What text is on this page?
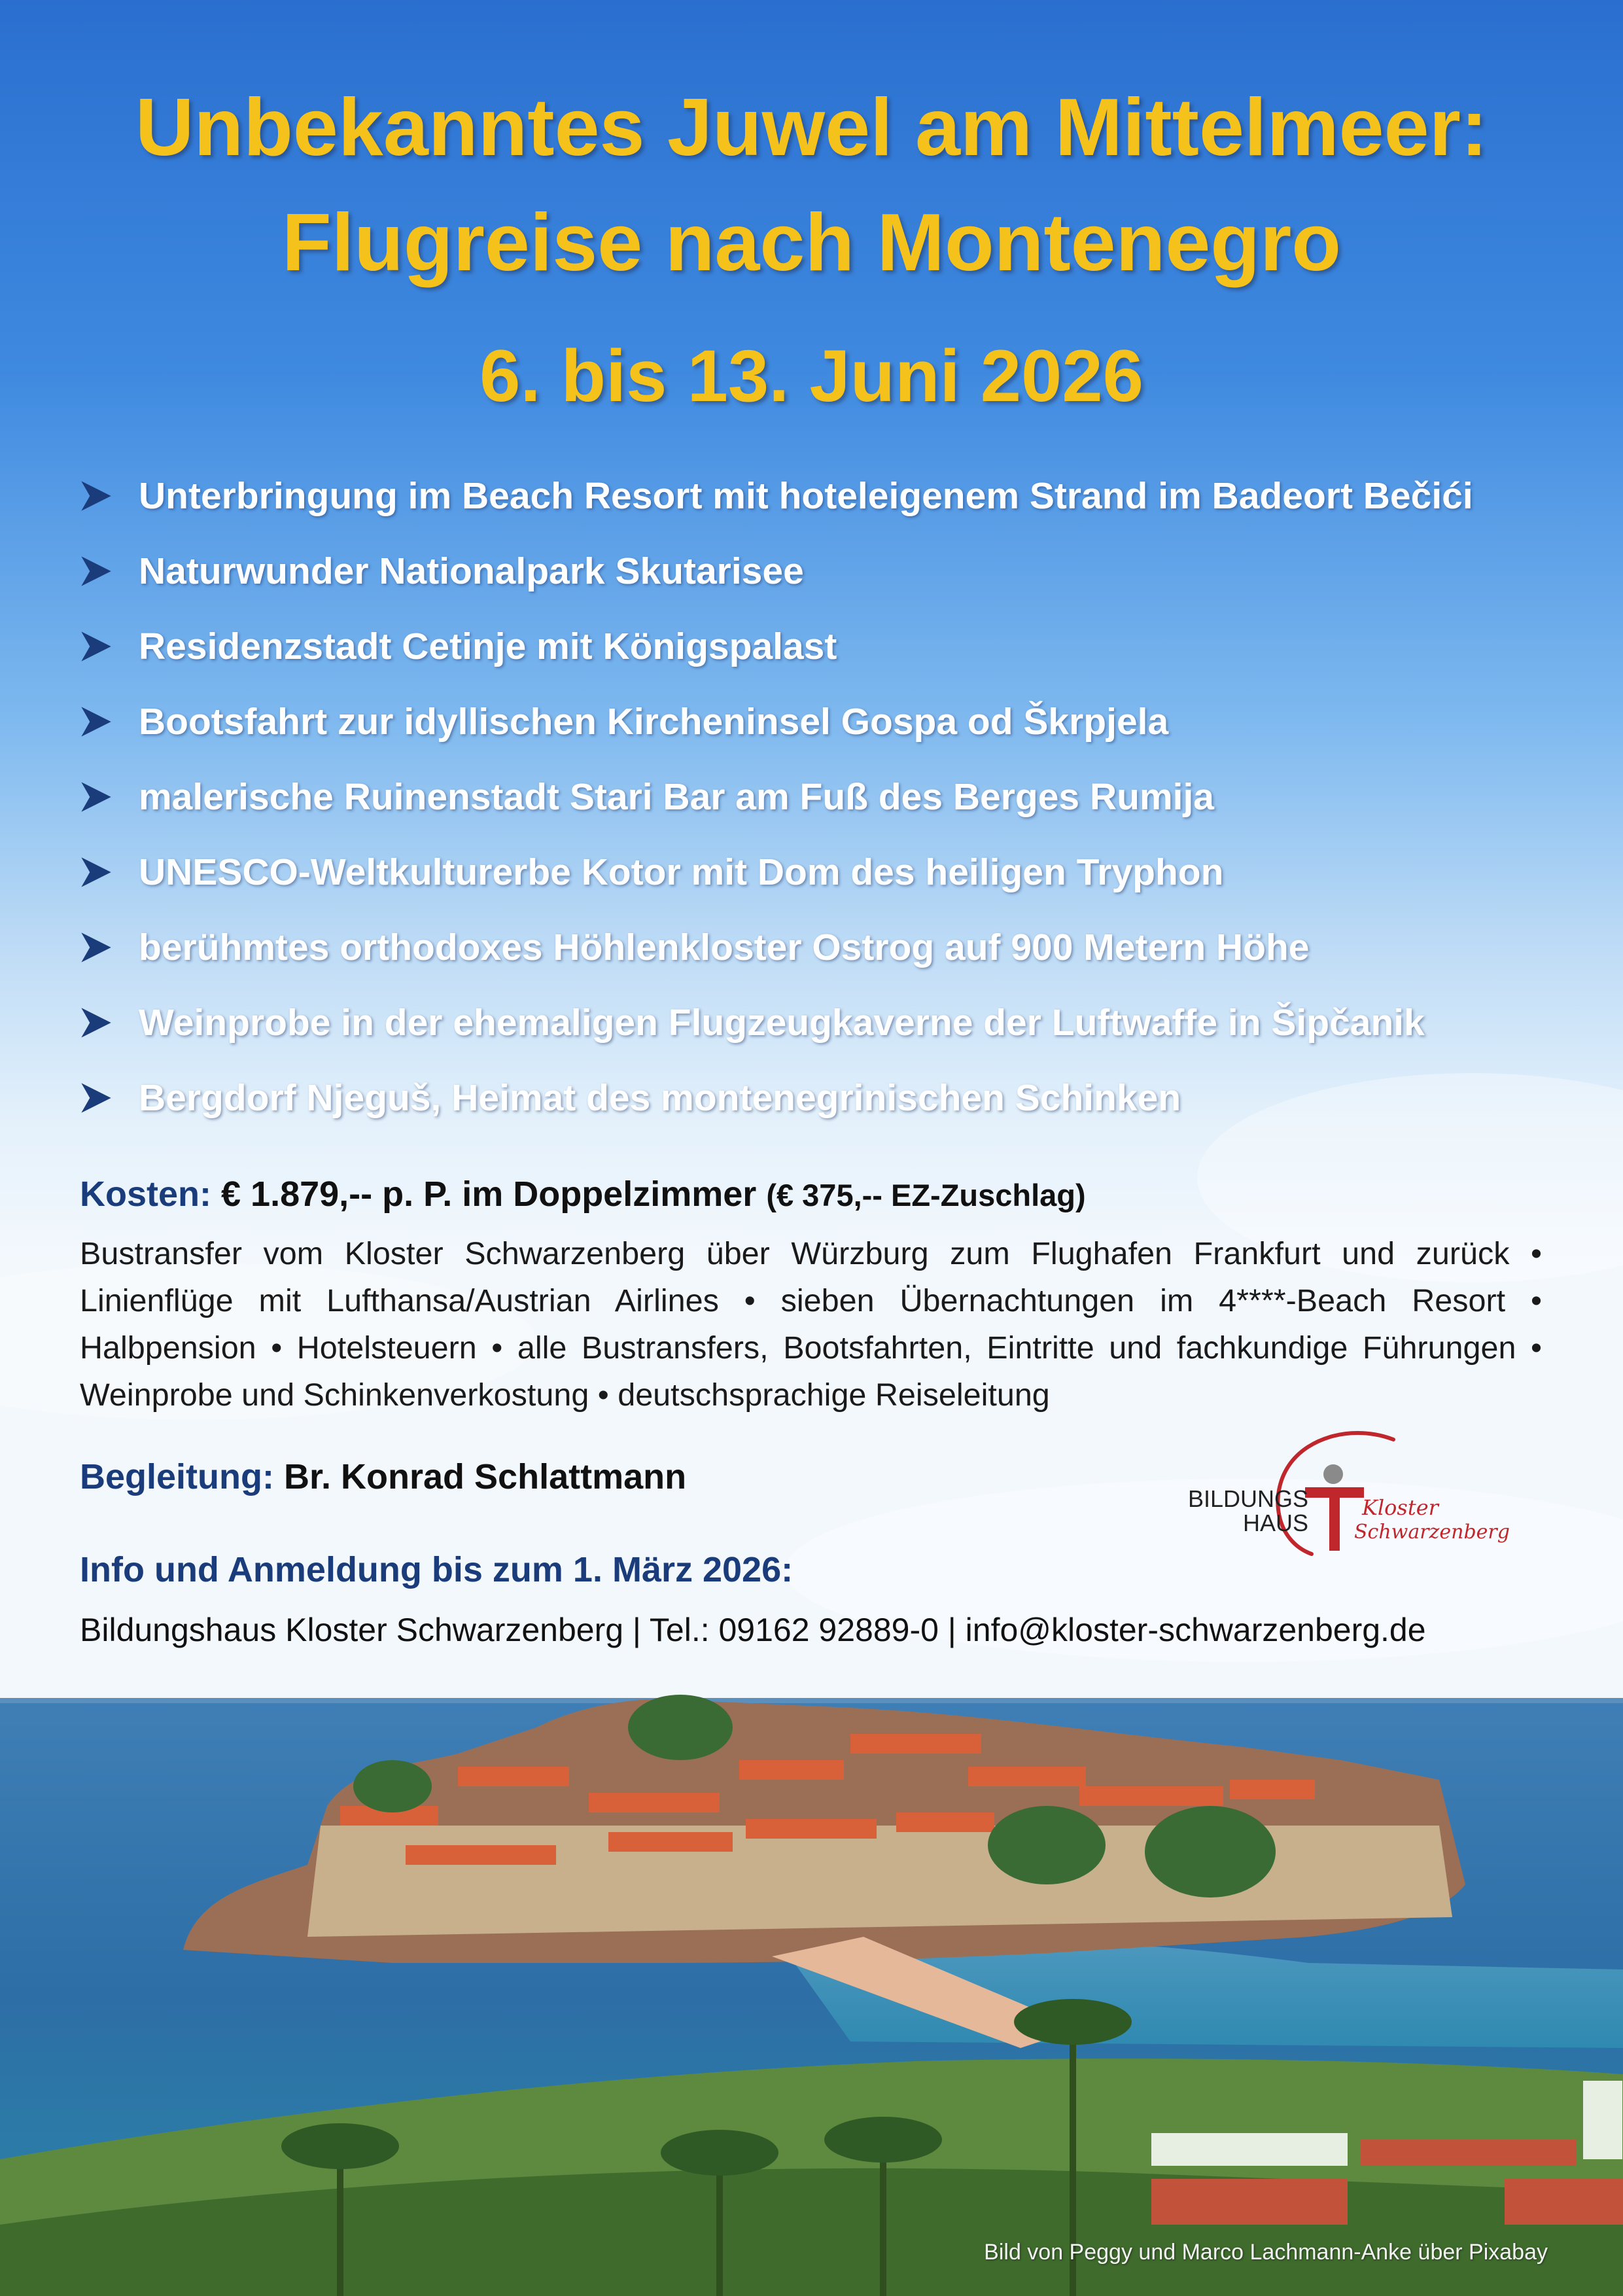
Unbekanntes Juwel am Mittelmeer:
Flugreise nach Montenegro
6. bis 13. Juni 2026
Unterbringung im Beach Resort mit hoteleigenem Strand im Badeort Bečići
Naturwunder Nationalpark Skutarisee
Residenzstadt Cetinje mit Königspalast
Bootsfahrt zur idyllischen Kircheninsel Gospa od Škrpjela
malerische Ruinenstadt Stari Bar am Fuß des Berges Rumija
UNESCO-Weltkulturerbe Kotor mit Dom des heiligen Tryphon
berühmtes orthodoxes Höhlenkloster Ostrog auf 900 Metern Höhe
Weinprobe in der ehemaligen Flugzeugkaverne der Luftwaffe in Šipčanik
Bergdorf Njeguš, Heimat des montenegrinischen Schinken
Kosten: € 1.879,-- p. P. im Doppelzimmer (€ 375,-- EZ-Zuschlag)

Bustransfer vom Kloster Schwarzenberg über Würzburg zum Flughafen Frankfurt und zurück • Linienflüge mit Lufthansa/Austrian Airlines • sieben Übernachtungen im 4****-Beach Resort • Halbpension • Hotelsteuern • alle Bustransfers, Bootsfahrten, Eintritte und fachkundige Führungen • Weinprobe und Schinkenverkostung • deutschsprachige Reiseleitung

Begleitung: Br. Konrad Schlattmann
Info und Anmeldung bis zum 1. März 2026:
Bildungshaus Kloster Schwarzenberg | Tel.: 09162 92889-0 | info@kloster-schwarzenberg.de
BILDUNGS
HAUS
Kloster
Schwarzenberg
Bild von Peggy und Marco Lachmann-Anke über Pixabay
